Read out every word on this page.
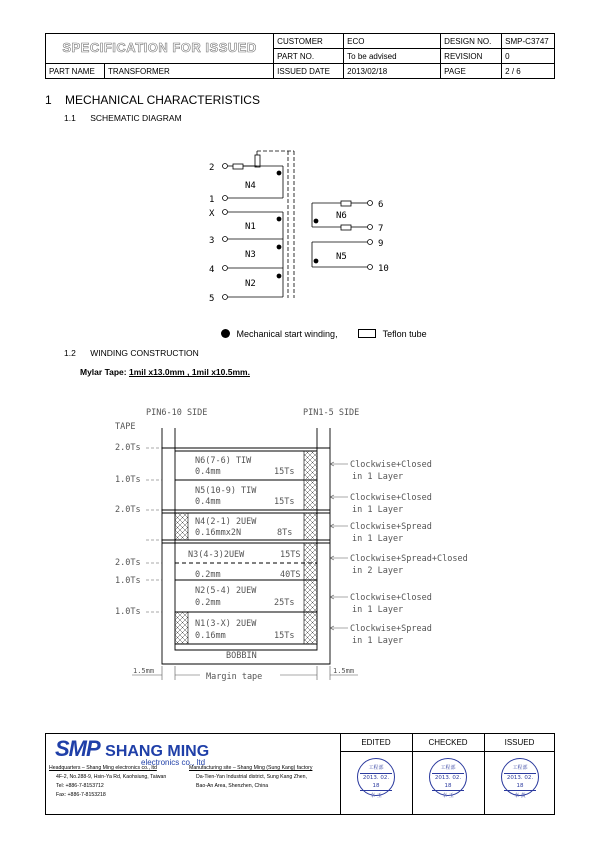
SPECIFICATION FOR ISSUED		CUSTOMER	ECO	DESIGN NO.	SMP-C3747
		PART NO.	To be advised	REVISION	0
PART NAME	TRANSFORMER	ISSUED DATE	2013/02/18	PAGE	2 / 6
1 MECHANICAL CHARACTERISTICS
1.1 SCHEMATIC DIAGRAM
2
1
X
3
4
5
6
7
9
10
N4
N1
N3
N2
N6
N5
Mechanical start winding,	Teflon tube
1.2 WINDING CONSTRUCTION
Mylar Tape: 1mil x13.0mm , 1mil x10.5mm.
PIN6-10 SIDE	PIN1-5 SIDE
TAPE
2.0Ts
1.0Ts
2.0Ts
2.0Ts
1.0Ts
1.0Ts
N6(7-6) TIW
0.4mm	15Ts
N5(10-9) TIW
0.4mm	15Ts
N4(2-1) 2UEW
0.16mmx2N	8Ts
N3(4-3)2UEW	15TS
0.2mm	40TS
N2(5-4) 2UEW
0.2mm	25Ts
N1(3-X) 2UEW
0.16mm	15Ts
BOBBIN
Clockwise+Closed
in 1 Layer
Clockwise+Closed
in 1 Layer
Clockwise+Spread
in 1 Layer
Clockwise+Spread+Closed
in 2 Layer
Clockwise+Closed
in 1 Layer
Clockwise+Spread
in 1 Layer
1.5mm	1.5mm
Margin tape
SMP SHANG MING
electronics co., ltd
Headquarters – Shang Ming electronics co., ltd
4F-2, No.288-9, Hsin-Ya Rd, Kaohsiung, Taiwan
Tel: +886-7-8153712
Fax: +886-7-8153218
Manufacturing site – Shang Ming (Sung Kang) factory
Da-Tien-Yan Industrial district, Sung Kang Zhen,
Bao-An Area, Shenzhen, China
EDITED	CHECKED	ISSUED
工程部
2013. 02. 18
幸 玉
工程部
2013. 02. 18
幸 玉
工程部
2013. 02. 18
幸 黃
